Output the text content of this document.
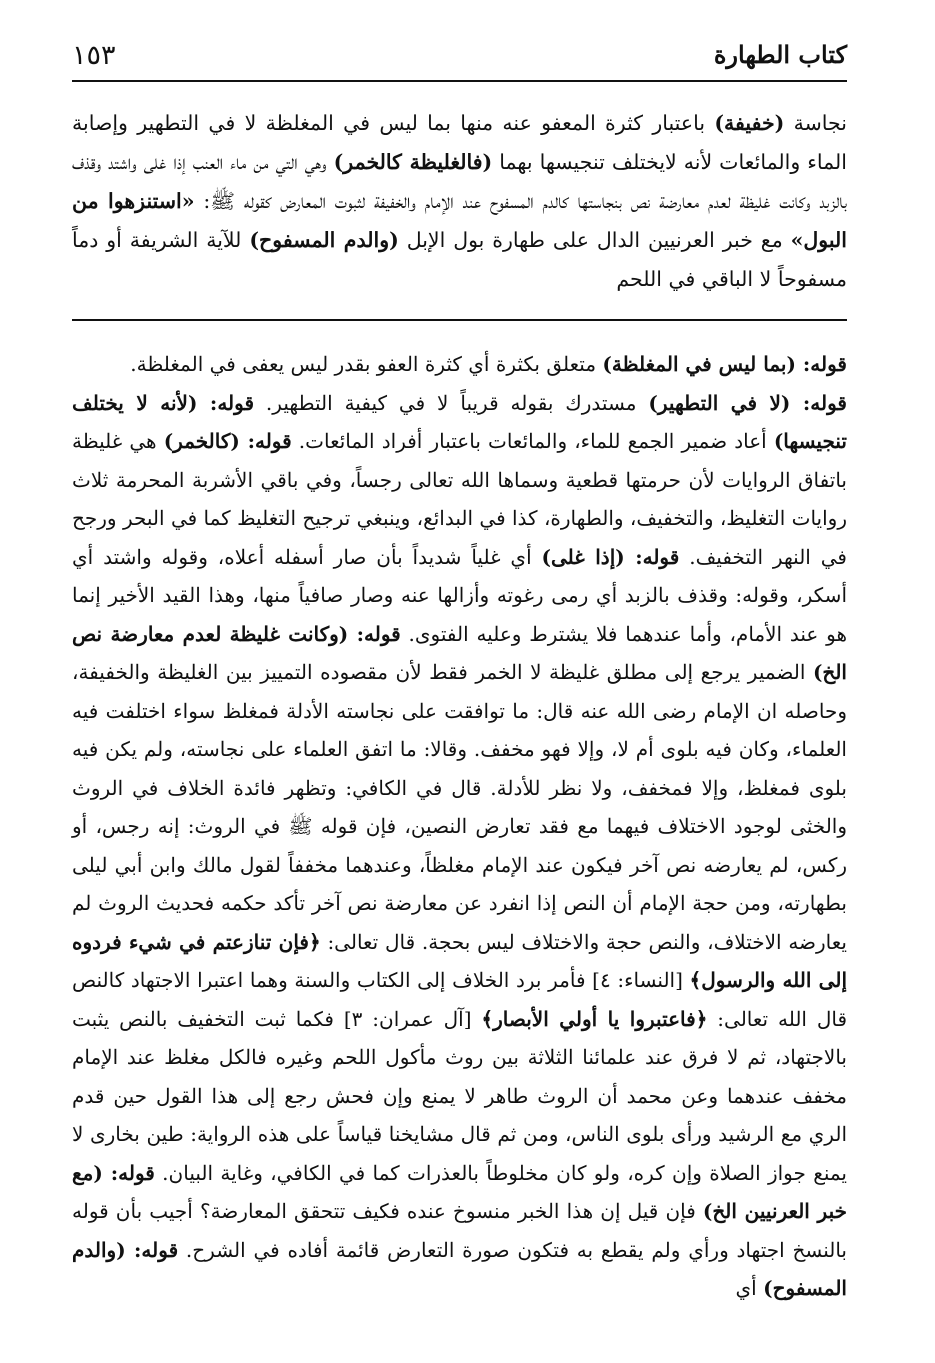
١٥٣	كتاب الطهارة
نجاسة (خفيفة) باعتبار كثرة المعفو عنه منها بما ليس في المغلظة لا في التطهير وإصابة الماء والمائعات لأنه لايختلف تنجيسها بهما (فالغليظة كالخمر) وهي التي من ماء العنب إذا غلى واشتد وقذف بالزبد وكانت غليظة لعدم معارضة نص بنجاستها كالدم المسفوح عند الإمام والخفيفة لثبوت المعارض كقوله ﷺ: «استنزهوا من البول» مع خبر العرنيين الدال على طهارة بول الإبل (والدم المسفوح) للآية الشريفة أو دماً مسفوحاً لا الباقي في اللحم

قوله: (بما ليس في المغلظة) متعلق بكثرة أي كثرة العفو بقدر ليس يعفى في المغلظة.

قوله: (لا في التطهير) مستدرك بقوله قريباً لا في كيفية التطهير. قوله: (لأنه لا يختلف تنجيسها) أعاد ضمير الجمع للماء، والمائعات باعتبار أفراد المائعات. قوله: (كالخمر) هي غليظة باتفاق الروايات لأن حرمتها قطعية وسماها الله تعالى رجساً، وفي باقي الأشربة المحرمة ثلاث روايات التغليظ، والتخفيف، والطهارة، كذا في البدائع، وينبغي ترجيح التغليظ كما في البحر ورجح في النهر التخفيف. قوله: (إذا غلى) أي غلياً شديداً بأن صار أسفله أعلاه، وقوله واشتد أي أسكر، وقوله: وقذف بالزبد أي رمى رغوته وأزالها عنه وصار صافياً منها، وهذا القيد الأخير إنما هو عند الأمام، وأما عندهما فلا يشترط وعليه الفتوى. قوله: (وكانت غليظة لعدم معارضة نص الخ) الضمير يرجع إلى مطلق غليظة لا الخمر فقط لأن مقصوده التمييز بين الغليظة والخفيفة، وحاصله ان الإمام رضى الله عنه قال: ما توافقت على نجاسته الأدلة فمغلظ سواء اختلفت فيه العلماء، وكان فيه بلوى أم لا، وإلا فهو مخفف. وقالا: ما اتفق العلماء على نجاسته، ولم يكن فيه بلوى فمغلظ، وإلا فمخفف، ولا نظر للأدلة. قال في الكافي: وتظهر فائدة الخلاف في الروث والخثى لوجود الاختلاف فيهما مع فقد تعارض النصين، فإن قوله ﷺ في الروث: إنه رجس، أو ركس، لم يعارضه نص آخر فيكون عند الإمام مغلظاً، وعندهما مخففاً لقول مالك وابن أبي ليلى بطهارته، ومن حجة الإمام أن النص إذا انفرد عن معارضة نص آخر تأكد حكمه فحديث الروث لم يعارضه الاختلاف، والنص حجة والاختلاف ليس بحجة. قال تعالى: ﴿فإن تنازعتم في شيء فردوه إلى الله والرسول﴾ [النساء: ٤] فأمر برد الخلاف إلى الكتاب والسنة وهما اعتبرا الاجتهاد كالنص قال الله تعالى: ﴿فاعتبروا يا أولي الأبصار﴾ [آل عمران: ٣] فكما ثبت التخفيف بالنص يثبت بالاجتهاد، ثم لا فرق عند علمائنا الثلاثة بين روث مأكول اللحم وغيره فالكل مغلظ عند الإمام مخفف عندهما وعن محمد أن الروث طاهر لا يمنع وإن فحش رجع إلى هذا القول حين قدم الري مع الرشيد ورأى بلوى الناس، ومن ثم قال مشايخنا قياساً على هذه الرواية: طين بخارى لا يمنع جواز الصلاة وإن كره، ولو كان مخلوطاً بالعذرات كما في الكافي، وغاية البيان. قوله: (مع خبر العرنيين الخ) فإن قيل إن هذا الخبر منسوخ عنده فكيف تتحقق المعارضة؟ أجيب بأن قوله بالنسخ اجتهاد ورأي ولم يقطع به فتكون صورة التعارض قائمة أفاده في الشرح. قوله: (والدم المسفوح) أي
